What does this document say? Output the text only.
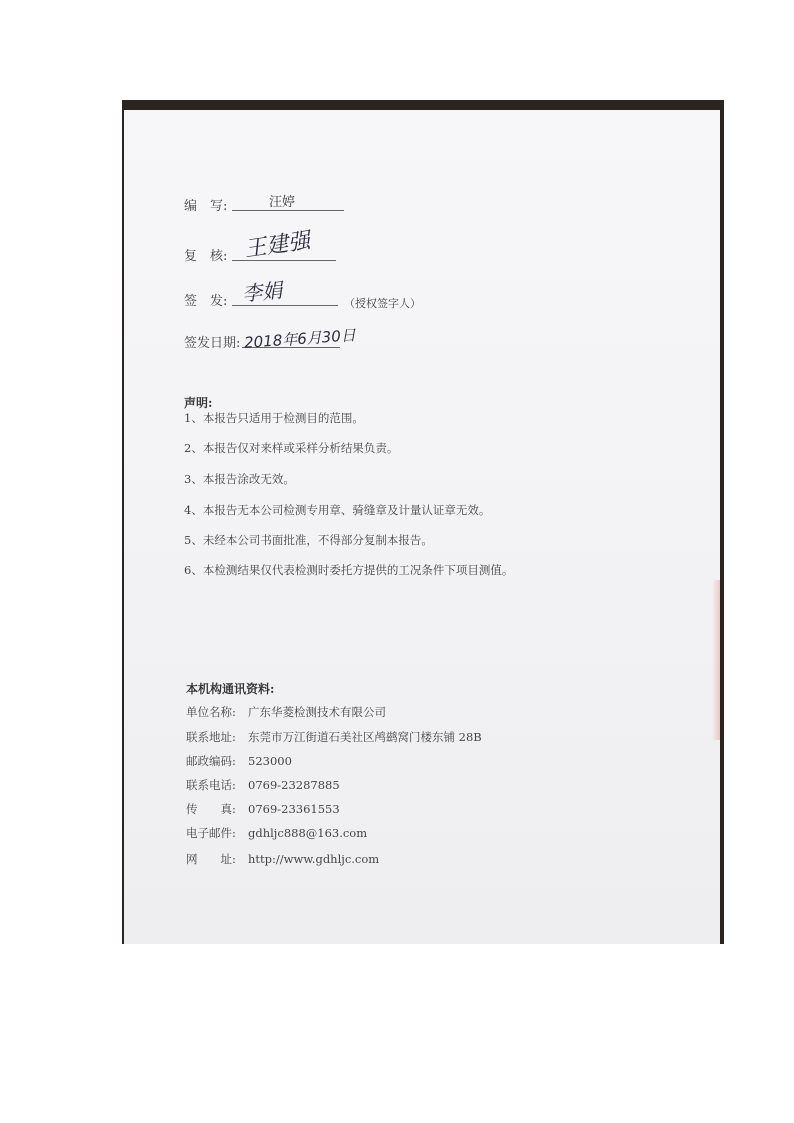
编　写:	汪婷
复　核: 王建强
签　发: 李娟	（授权签字人）
签发日期: 2018年6月30日
声明:
1、本报告只适用于检测目的范围。
2、本报告仅对来样或采样分析结果负责。
3、本报告涂改无效。
4、本报告无本公司检测专用章、骑缝章及计量认证章无效。
5、未经本公司书面批准，不得部分复制本报告。
6、本检测结果仅代表检测时委托方提供的工况条件下项目测值。
本机构通讯资料:
单位名称: 广东华菱检测技术有限公司
联系地址: 东莞市万江街道石美社区鸬鹚窝门楼东铺 28B
邮政编码: 523000
联系电话: 0769-23287885
传　　真: 0769-23361553
电子邮件: gdhljc888@163.com
网　　址: http://www.gdhljc.com
